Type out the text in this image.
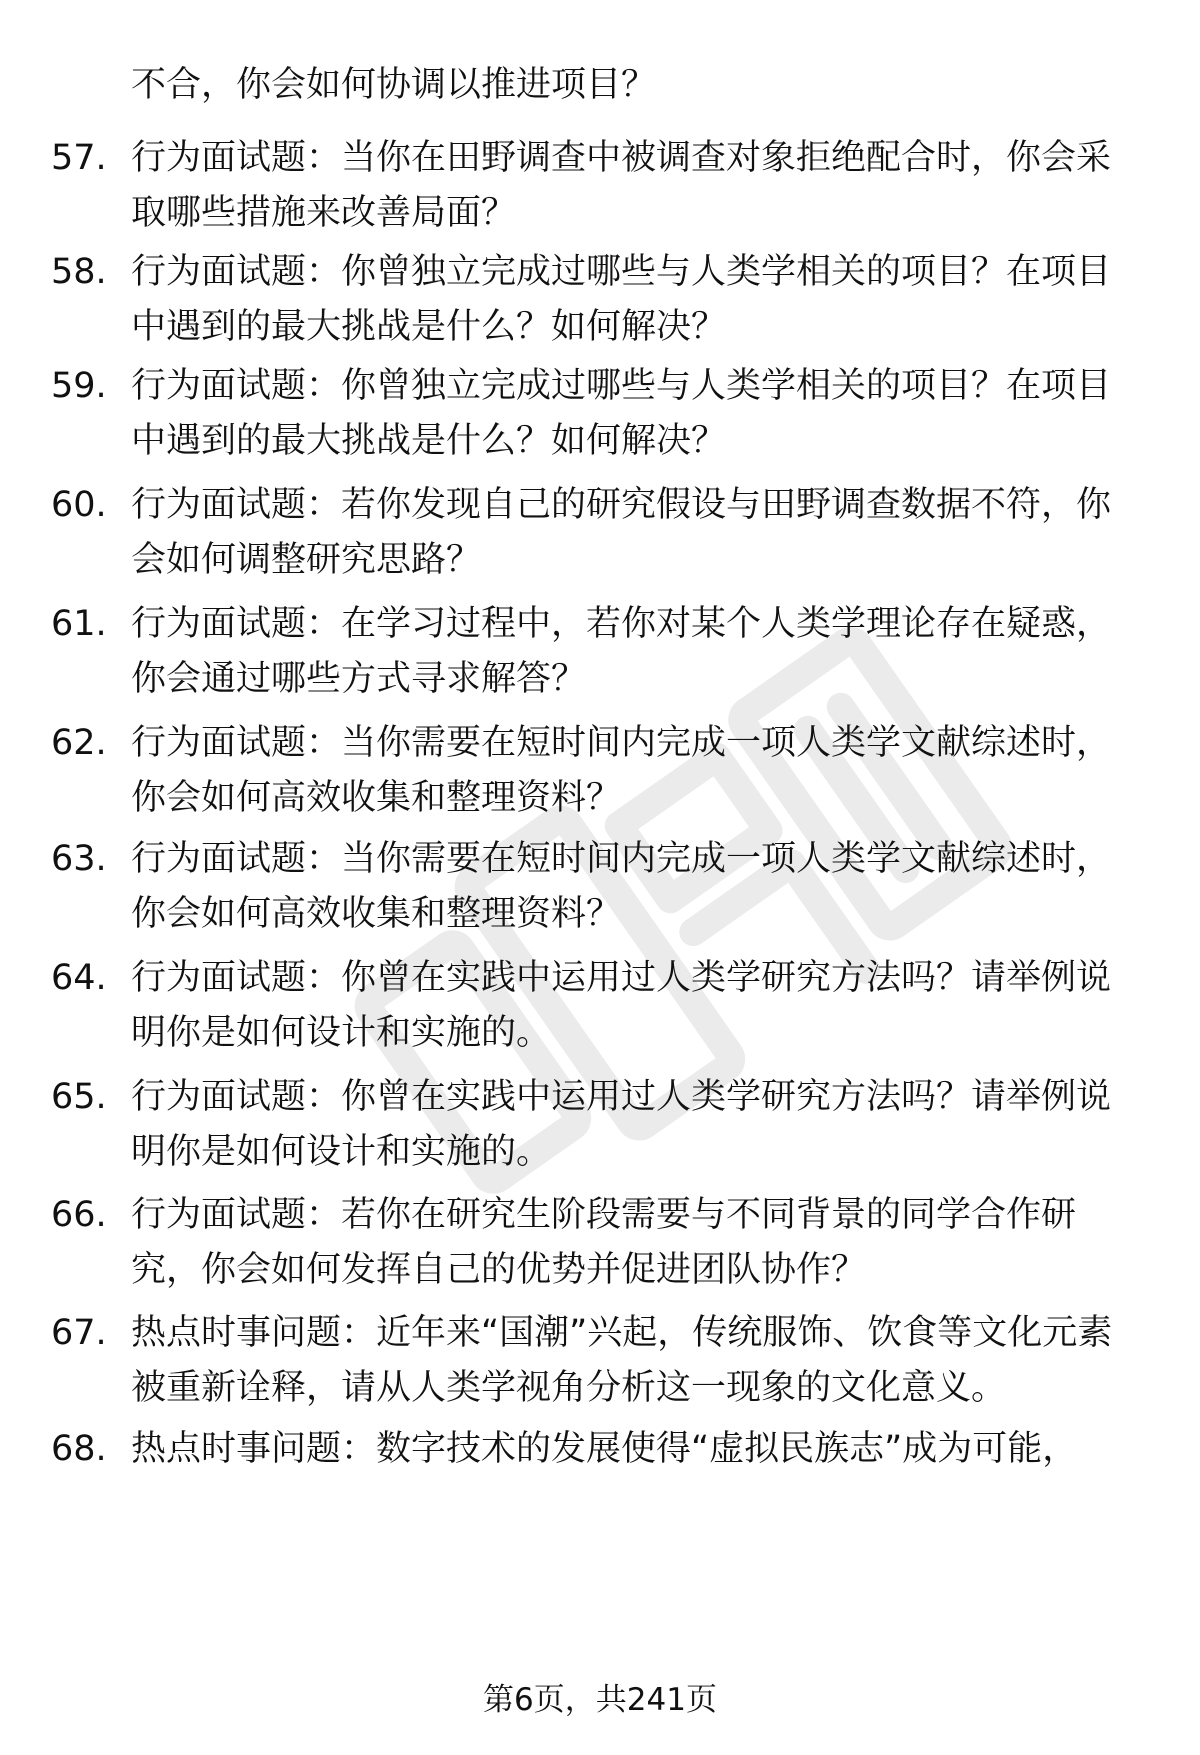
不合，你会如何协调以推进项目？
57. 行为面试题：当你在田野调查中被调查对象拒绝配合时，你会采取哪些措施来改善局面？
58. 行为面试题：你曾独立完成过哪些与人类学相关的项目？在项目中遇到的最大挑战是什么？如何解决？
59. 行为面试题：你曾独立完成过哪些与人类学相关的项目？在项目中遇到的最大挑战是什么？如何解决？
60. 行为面试题：若你发现自己的研究假设与田野调查数据不符，你会如何调整研究思路？
61. 行为面试题：在学习过程中，若你对某个人类学理论存在疑惑，你会通过哪些方式寻求解答？
62. 行为面试题：当你需要在短时间内完成一项人类学文献综述时，你会如何高效收集和整理资料？
63. 行为面试题：当你需要在短时间内完成一项人类学文献综述时，你会如何高效收集和整理资料？
64. 行为面试题：你曾在实践中运用过人类学研究方法吗？请举例说明你是如何设计和实施的。
65. 行为面试题：你曾在实践中运用过人类学研究方法吗？请举例说明你是如何设计和实施的。
66. 行为面试题：若你在研究生阶段需要与不同背景的同学合作研究，你会如何发挥自己的优势并促进团队协作？
67. 热点时事问题：近年来“国潮”兴起，传统服饰、饮食等文化元素被重新诠释，请从人类学视角分析这一现象的文化意义。
68. 热点时事问题：数字技术的发展使得“虚拟民族志”成为可能，
第6页，共241页
